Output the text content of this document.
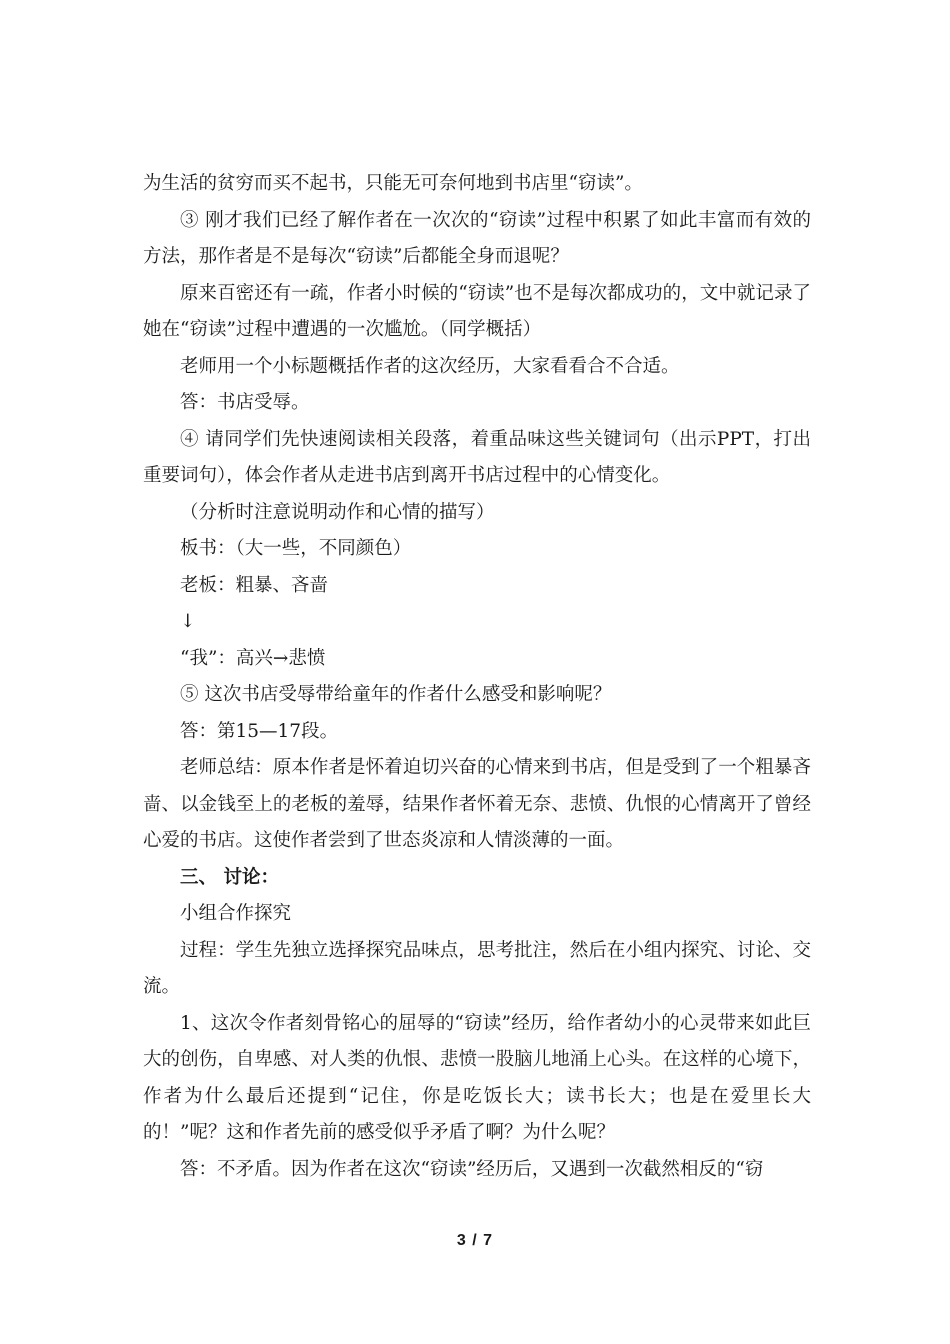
为生活的贫穷而买不起书，只能无可奈何地到书店里“窃读”。

③ 刚才我们已经了解作者在一次次的“窃读”过程中积累了如此丰富而有效的方法，那作者是不是每次“窃读”后都能全身而退呢？

原来百密还有一疏，作者小时候的“窃读”也不是每次都成功的，文中就记录了她在“窃读”过程中遭遇的一次尴尬。（同学概括）

老师用一个小标题概括作者的这次经历，大家看看合不合适。

答：书店受辱。

④ 请同学们先快速阅读相关段落，着重品味这些关键词句（出示PPT，打出重要词句），体会作者从走进书店到离开书店过程中的心情变化。

（分析时注意说明动作和心情的描写）

板书：（大一些，不同颜色）

老板：粗暴、吝啬

↓

“我”：高兴→悲愤

⑤ 这次书店受辱带给童年的作者什么感受和影响呢？

答：第15—17段。

老师总结：原本作者是怀着迫切兴奋的心情来到书店，但是受到了一个粗暴吝啬、以金钱至上的老板的羞辱，结果作者怀着无奈、悲愤、仇恨的心情离开了曾经心爱的书店。这使作者尝到了世态炎凉和人情淡薄的一面。

三、 讨论：

小组合作探究

过程：学生先独立选择探究品味点，思考批注，然后在小组内探究、讨论、交流。

1、这次令作者刻骨铭心的屈辱的“窃读”经历，给作者幼小的心灵带来如此巨大的创伤，自卑感、对人类的仇恨、悲愤一股脑儿地涌上心头。在这样的心境下，作者为什么最后还提到“记住，你是吃饭长大；读书长大；也是在爱里长大的！”呢？这和作者先前的感受似乎矛盾了啊？为什么呢？

答：不矛盾。因为作者在这次“窃读”经历后，又遇到一次截然相反的“窃

3 / 7
